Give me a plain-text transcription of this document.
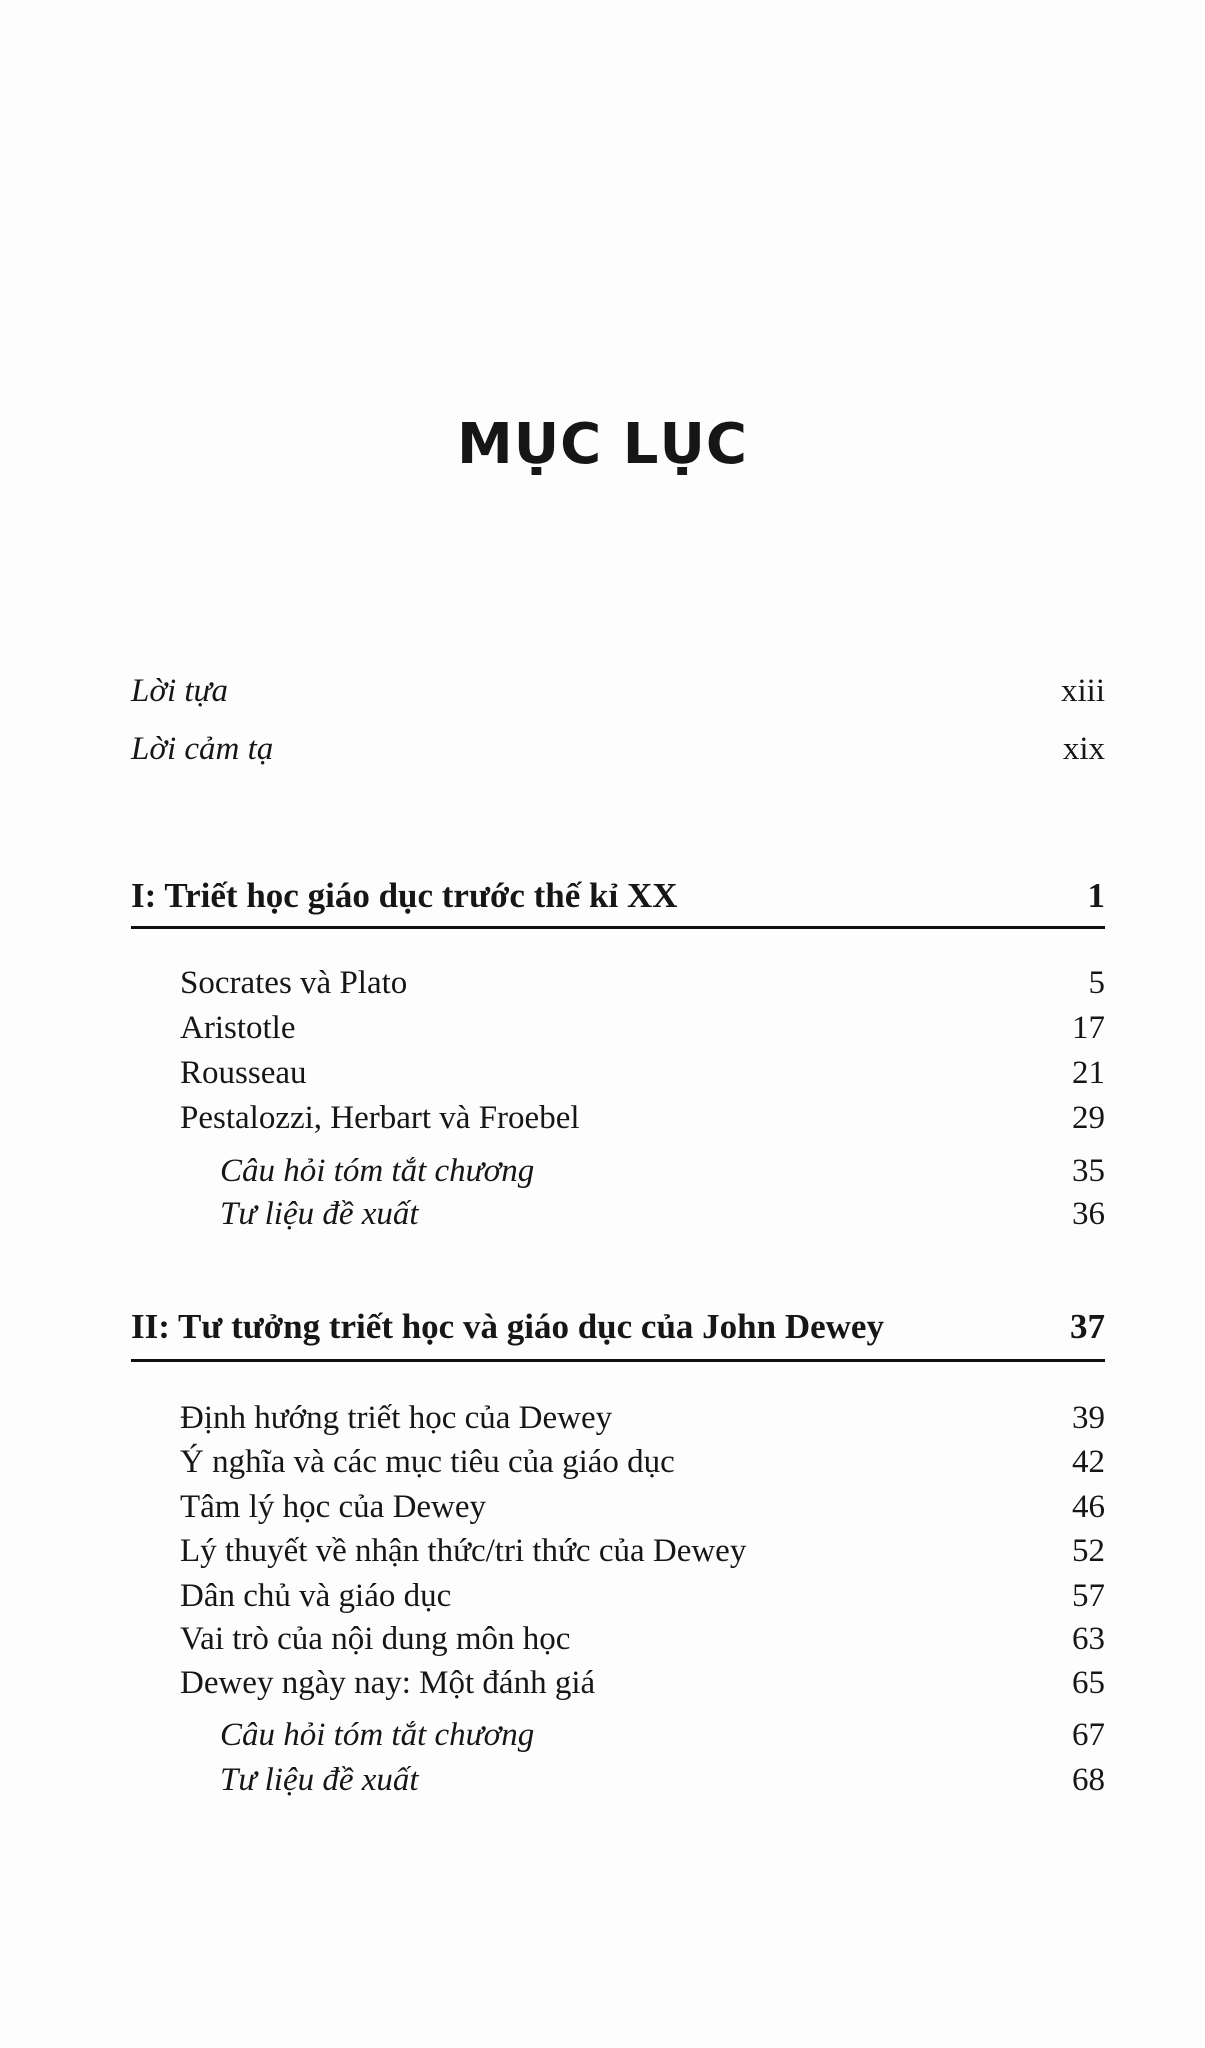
MỤC LỤC
Lời tựa	xiii
Lời cảm tạ	xix
I: Triết học giáo dục trước thế kỉ XX	1
Socrates và Plato	5
Aristotle	17
Rousseau	21
Pestalozzi, Herbart và Froebel	29
Câu hỏi tóm tắt chương	35
Tư liệu đề xuất	36
II: Tư tưởng triết học và giáo dục của John Dewey	37
Định hướng triết học của Dewey	39
Ý nghĩa và các mục tiêu của giáo dục	42
Tâm lý học của Dewey	46
Lý thuyết về nhận thức/tri thức của Dewey	52
Dân chủ và giáo dục	57
Vai trò của nội dung môn học	63
Dewey ngày nay: Một đánh giá	65
Câu hỏi tóm tắt chương	67
Tư liệu đề xuất	68
